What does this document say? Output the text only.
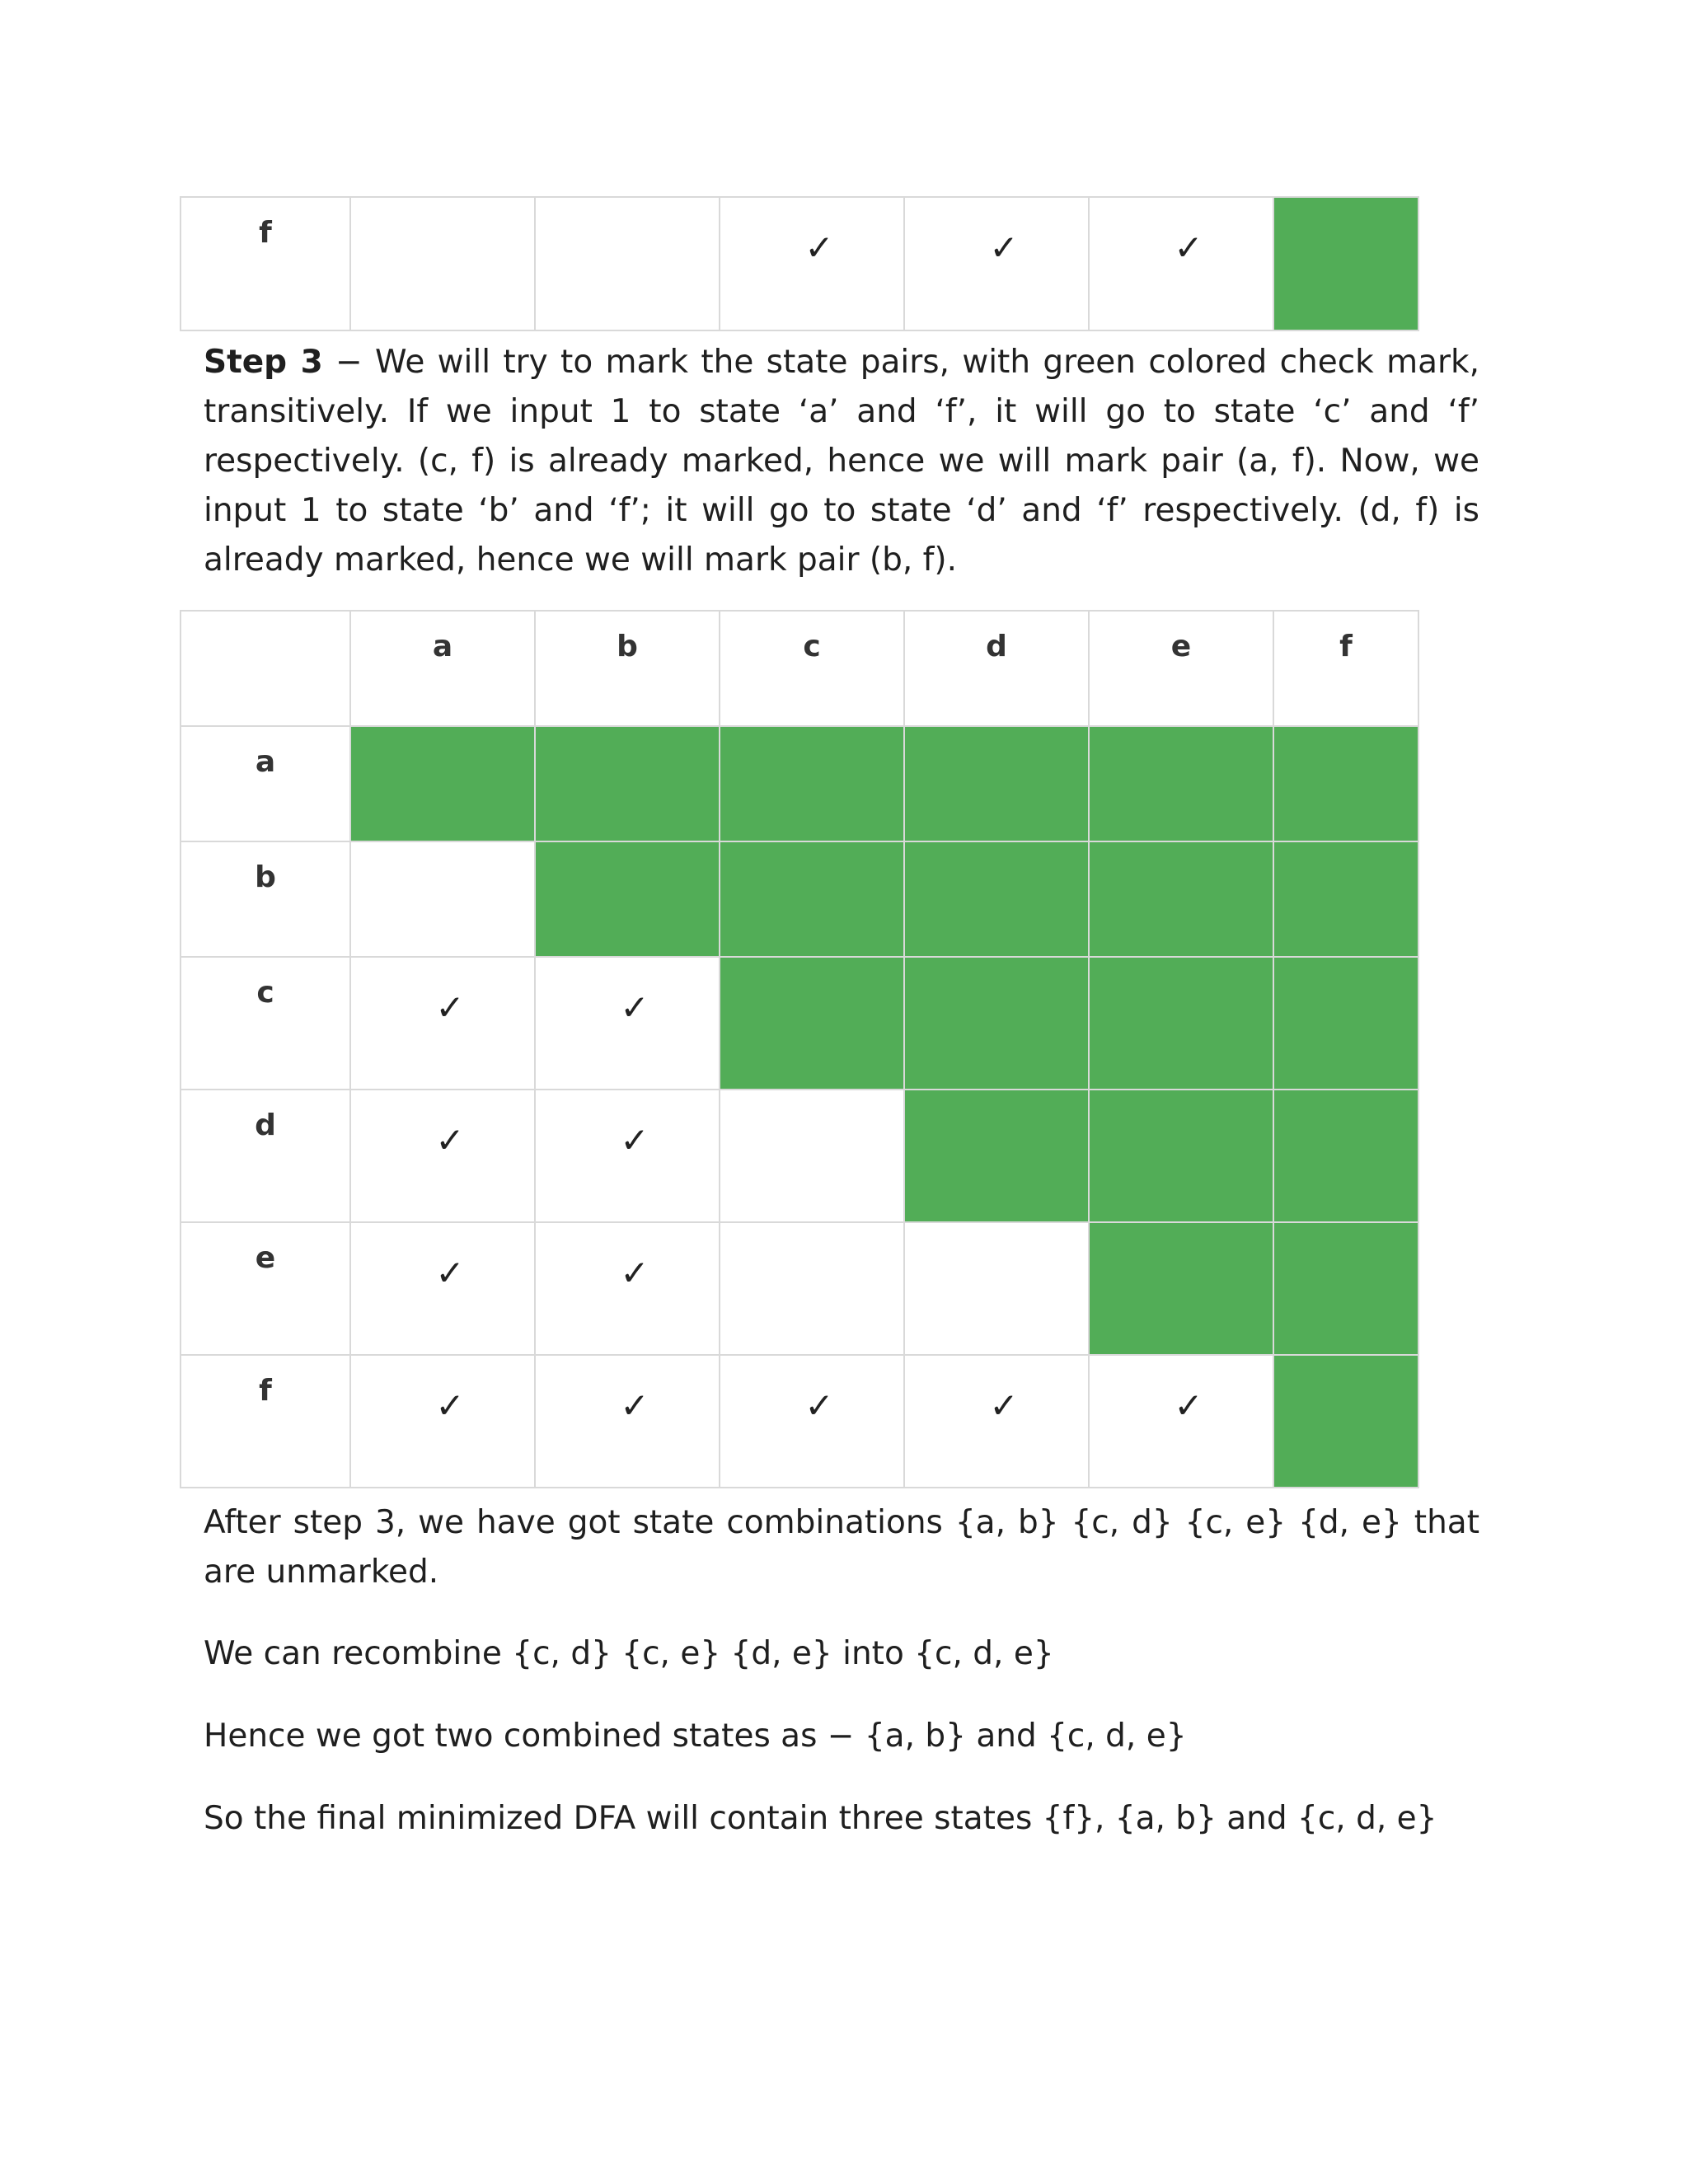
f			✓	✓	✓	
Step 3 − We will try to mark the state pairs, with green colored check mark, transitively. If we input 1 to state ‘a’ and ‘f’, it will go to state ‘c’ and ‘f’ respectively. (c, f) is already marked, hence we will mark pair (a, f). Now, we input 1 to state ‘b’ and ‘f’; it will go to state ‘d’ and ‘f’ respectively. (d, f) is already marked, hence we will mark pair (b, f).
	a	b	c	d	e	f
a						
b						
c	✓	✓				
d	✓	✓				
e	✓	✓				
f	✓	✓	✓	✓	✓	
After step 3, we have got state combinations {a, b} {c, d} {c, e} {d, e} that are unmarked.
We can recombine {c, d} {c, e} {d, e} into {c, d, e}
Hence we got two combined states as − {a, b} and {c, d, e}
So the final minimized DFA will contain three states {f}, {a, b} and {c, d, e}
